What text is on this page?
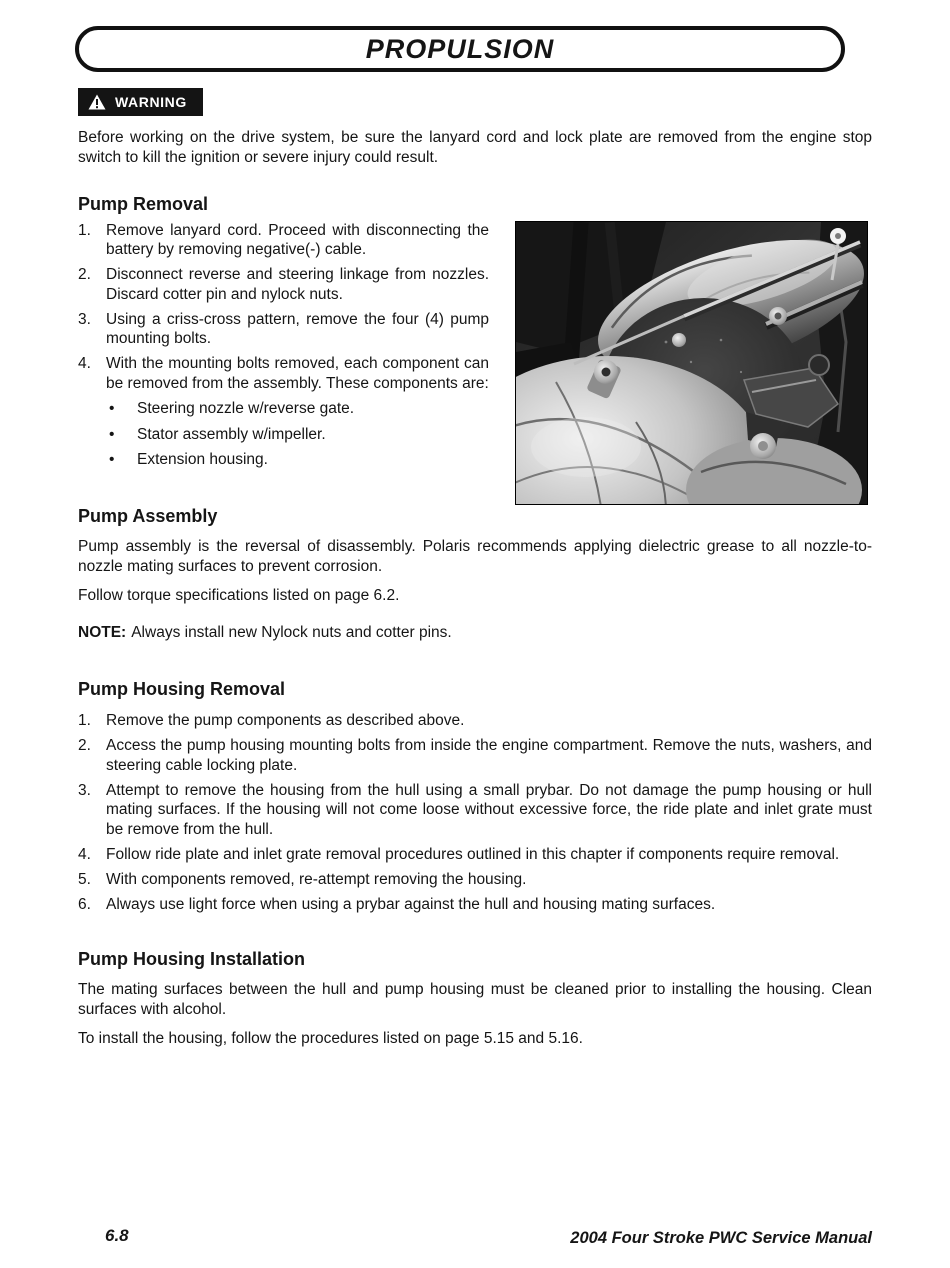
PROPULSION
WARNING

Before working on the drive system, be sure the lanyard cord and lock plate are removed from the engine stop switch to kill the ignition or severe injury could result.

Pump Removal
1. Remove lanyard cord. Proceed with disconnecting the battery by removing negative(-) cable.
2. Disconnect reverse and steering linkage from nozzles. Discard cotter pin and nylock nuts.
3. Using a criss-cross pattern, remove the four (4) pump mounting bolts.
4. With the mounting bolts removed, each component can be removed from the assembly. These components are:
•	Steering nozzle w/reverse gate.
•	Stator assembly w/impeller.
•	Extension housing.
Pump Assembly

Pump assembly is the reversal of disassembly. Polaris recommends applying dielectric grease to all nozzle-to-nozzle mating surfaces to prevent corrosion.

Follow torque specifications listed on page 6.2.

NOTE: Always install new Nylock nuts and cotter pins.

Pump Housing Removal
1. Remove the pump components as described above.
2. Access the pump housing mounting bolts from inside the engine compartment. Remove the nuts, washers, and steering cable locking plate.
3. Attempt to remove the housing from the hull using a small prybar. Do not damage the pump housing or hull mating surfaces. If the housing will not come loose without excessive force, the ride plate and inlet grate must be remove from the hull.
4. Follow ride plate and inlet grate removal procedures outlined in this chapter if components require removal.
5. With components removed, re-attempt removing the housing.
6. Always use light force when using a prybar against the hull and housing mating surfaces.
Pump Housing Installation

The mating surfaces between the hull and pump housing must be cleaned prior to installing the housing. Clean surfaces with alcohol.

To install the housing, follow the procedures listed on page 5.15 and 5.16.

6.8	2004 Four Stroke PWC Service Manual
